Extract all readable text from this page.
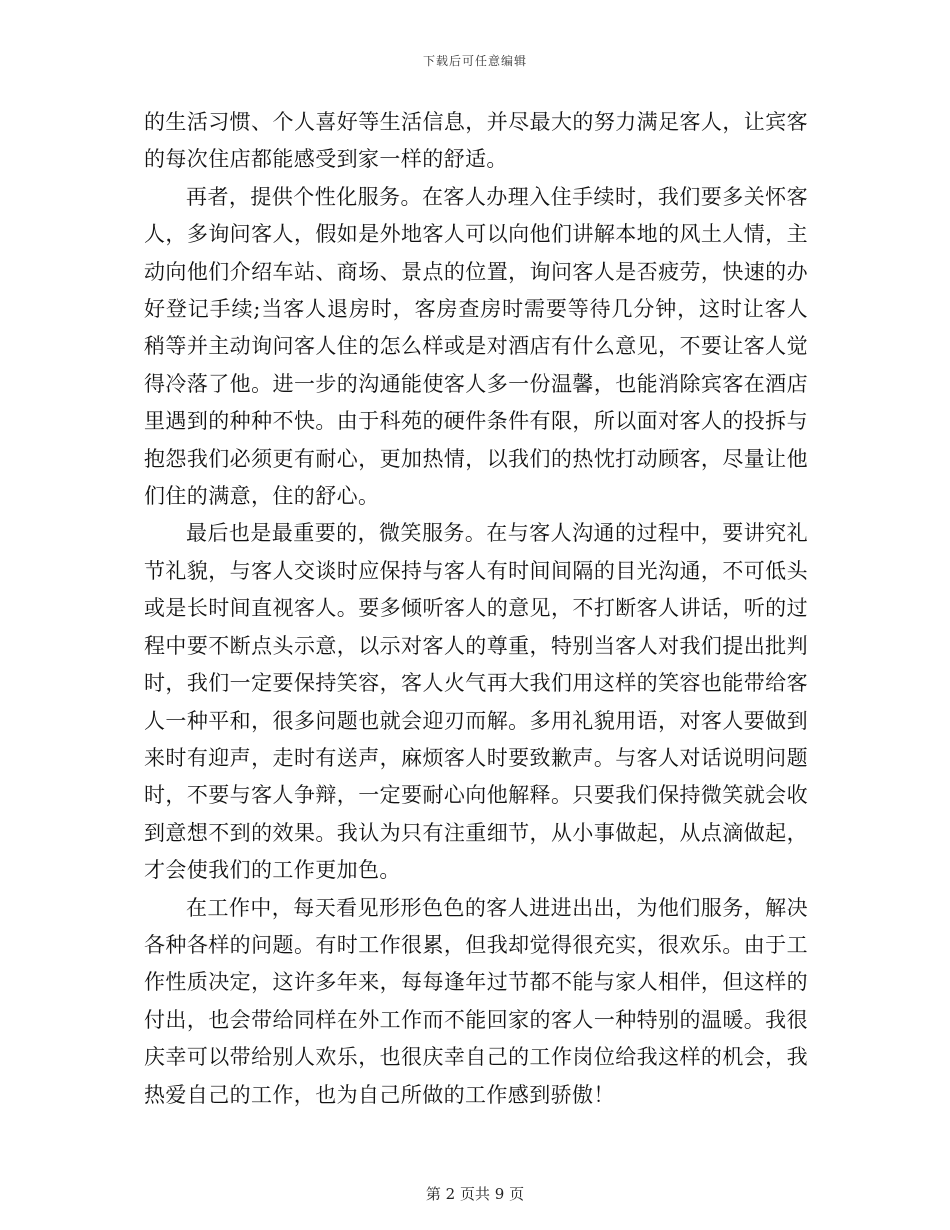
下载后可任意编辑

的生活习惯、个人喜好等生活信息，并尽最大的努力满足客人，让宾客的每次住店都能感受到家一样的舒适。

再者，提供个性化服务。在客人办理入住手续时，我们要多关怀客人，多询问客人，假如是外地客人可以向他们讲解本地的风土人情，主动向他们介绍车站、商场、景点的位置，询问客人是否疲劳，快速的办好登记手续;当客人退房时，客房查房时需要等待几分钟，这时让客人稍等并主动询问客人住的怎么样或是对酒店有什么意见，不要让客人觉得冷落了他。进一步的沟通能使客人多一份温馨，也能消除宾客在酒店里遇到的种种不快。由于科苑的硬件条件有限，所以面对客人的投拆与抱怨我们必须更有耐心，更加热情，以我们的热忱打动顾客，尽量让他们住的满意，住的舒心。

最后也是最重要的，微笑服务。在与客人沟通的过程中，要讲究礼节礼貌，与客人交谈时应保持与客人有时间间隔的目光沟通，不可低头或是长时间直视客人。要多倾听客人的意见，不打断客人讲话，听的过程中要不断点头示意，以示对客人的尊重，特别当客人对我们提出批判时，我们一定要保持笑容，客人火气再大我们用这样的笑容也能带给客人一种平和，很多问题也就会迎刃而解。多用礼貌用语，对客人要做到来时有迎声，走时有送声，麻烦客人时要致歉声。与客人对话说明问题时，不要与客人争辩，一定要耐心向他解释。只要我们保持微笑就会收到意想不到的效果。我认为只有注重细节，从小事做起，从点滴做起，才会使我们的工作更加色。

在工作中，每天看见形形色色的客人进进出出，为他们服务，解决各种各样的问题。有时工作很累，但我却觉得很充实，很欢乐。由于工作性质决定，这许多年来，每每逢年过节都不能与家人相伴，但这样的付出，也会带给同样在外工作而不能回家的客人一种特别的温暖。我很庆幸可以带给别人欢乐，也很庆幸自己的工作岗位给我这样的机会，我热爱自己的工作，也为自己所做的工作感到骄傲！

第 2 页共 9 页
